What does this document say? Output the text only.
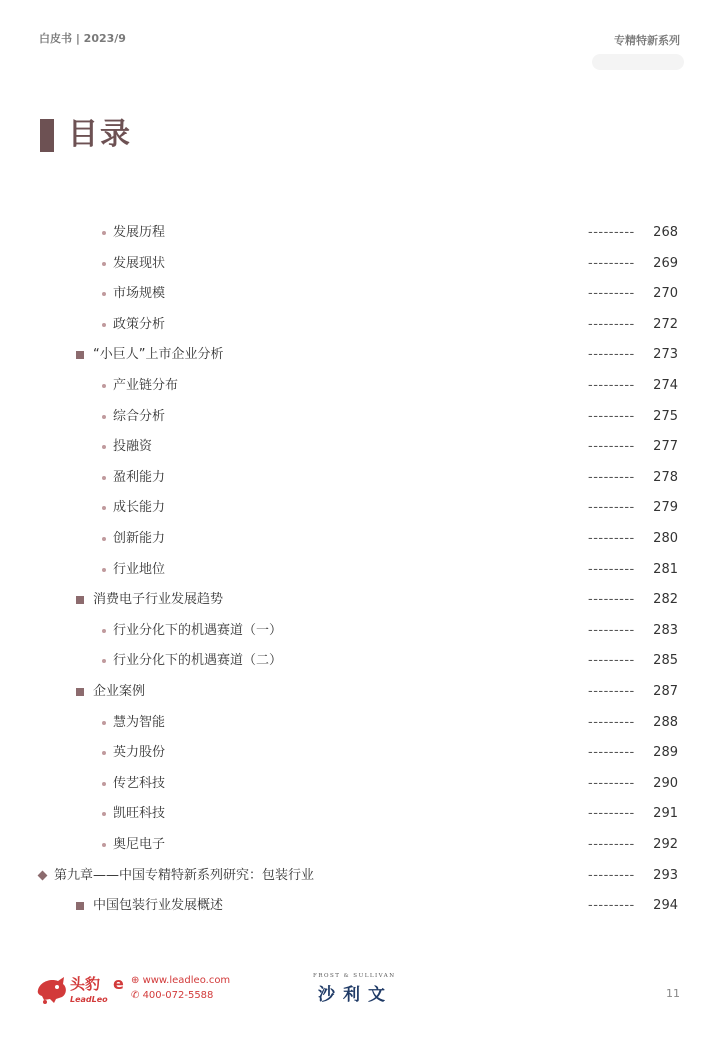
白皮书 | 2023/9	专精特新系列
目录
发展历程	--------- 268
发展现状	--------- 269
市场规模	--------- 270
政策分析	--------- 272
“小巨人”上市企业分析	--------- 273
产业链分布	--------- 274
综合分析	--------- 275
投融资	--------- 277
盈利能力	--------- 278
成长能力	--------- 279
创新能力	--------- 280
行业地位	--------- 281
消费电子行业发展趋势	--------- 282
行业分化下的机遇赛道（一）	--------- 283
行业分化下的机遇赛道（二）	--------- 285
企业案例	--------- 287
慧为智能	--------- 288
英力股份	--------- 289
传艺科技	--------- 290
凯旺科技	--------- 291
奥尼电子	--------- 292
第九章——中国专精特新系列研究：包装行业	--------- 293
中国包装行业发展概述	--------- 294
头豹
LeadLeo
e ⊕ www.leadleo.com
✆ 400-072-5588
FROST & SULLIVAN
沙利文	11
